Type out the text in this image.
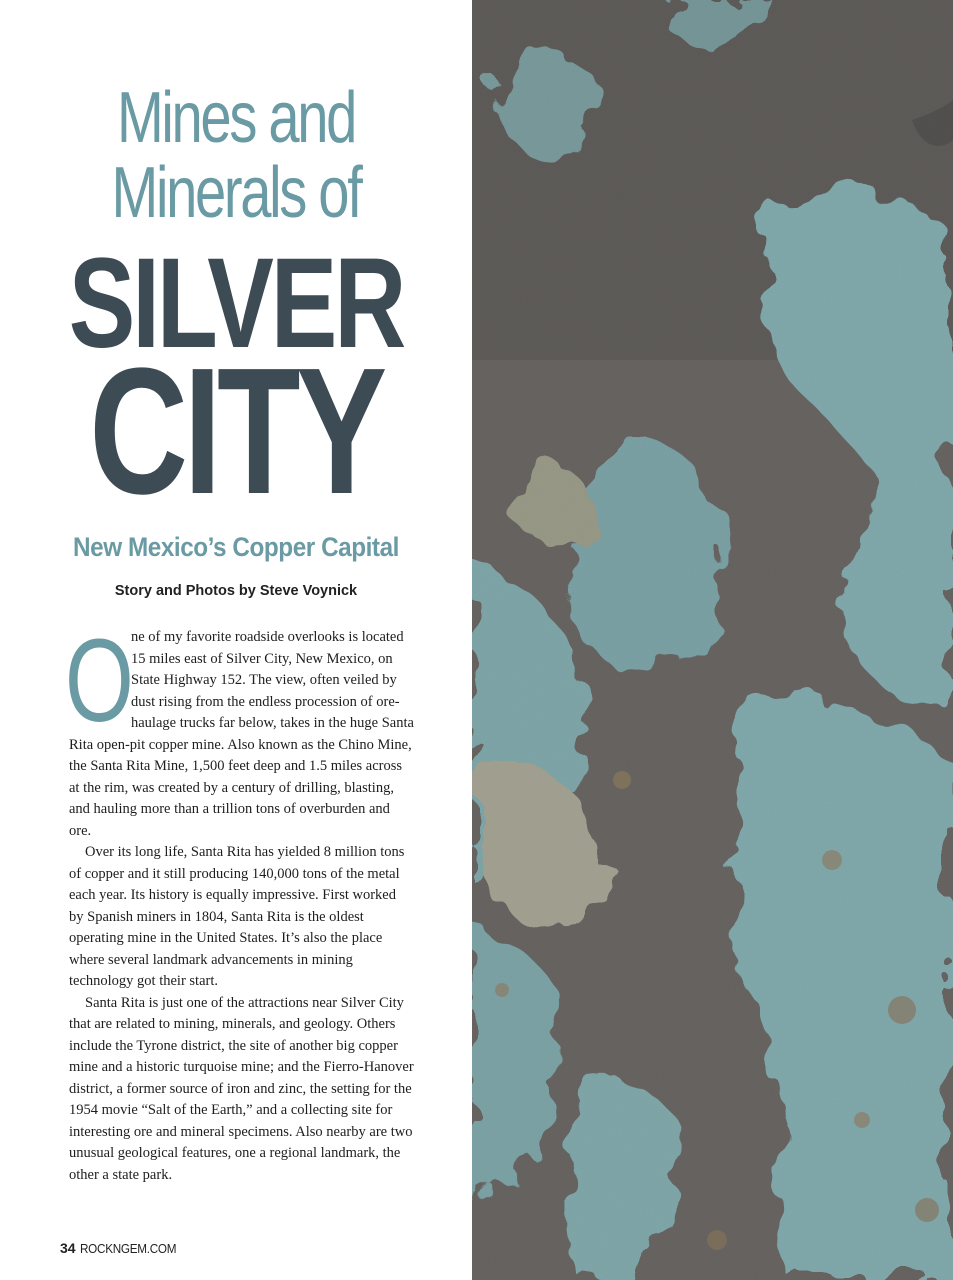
Mines and
Minerals of
SILVER
CITY
New Mexico’s Copper Capital
Story and Photos by Steve Voynick

O
ne of my favorite roadside overlooks is located 15 miles east of Silver City, New Mexico, on State Highway 152. The view, often veiled by dust rising from the endless procession of ore-haulage trucks far below, takes in the huge Santa Rita open-pit copper mine. Also known as the Chino Mine, the Santa Rita Mine, 1,500 feet deep and 1.5 miles across at the rim, was created by a century of drilling, blasting, and hauling more than a trillion tons of overburden and ore.

Over its long life, Santa Rita has yielded 8 million tons of copper and it still producing 140,000 tons of the metal each year. Its history is equally impressive. First worked by Spanish miners in 1804, Santa Rita is the oldest operating mine in the United States. It’s also the place where several landmark advancements in mining technology got their start.

Santa Rita is just one of the attractions near Silver City that are related to mining, minerals, and geology. Others include the Tyrone district, the site of another big copper mine and a historic turquoise mine; and the Fierro-Hanover district, a former source of iron and zinc, the setting for the 1954 movie “Salt of the Earth,” and a collecting site for interesting ore and mineral specimens. Also nearby are two unusual geological features, one a regional landmark, the other a state park.

34 ROCKNGEM.COM
